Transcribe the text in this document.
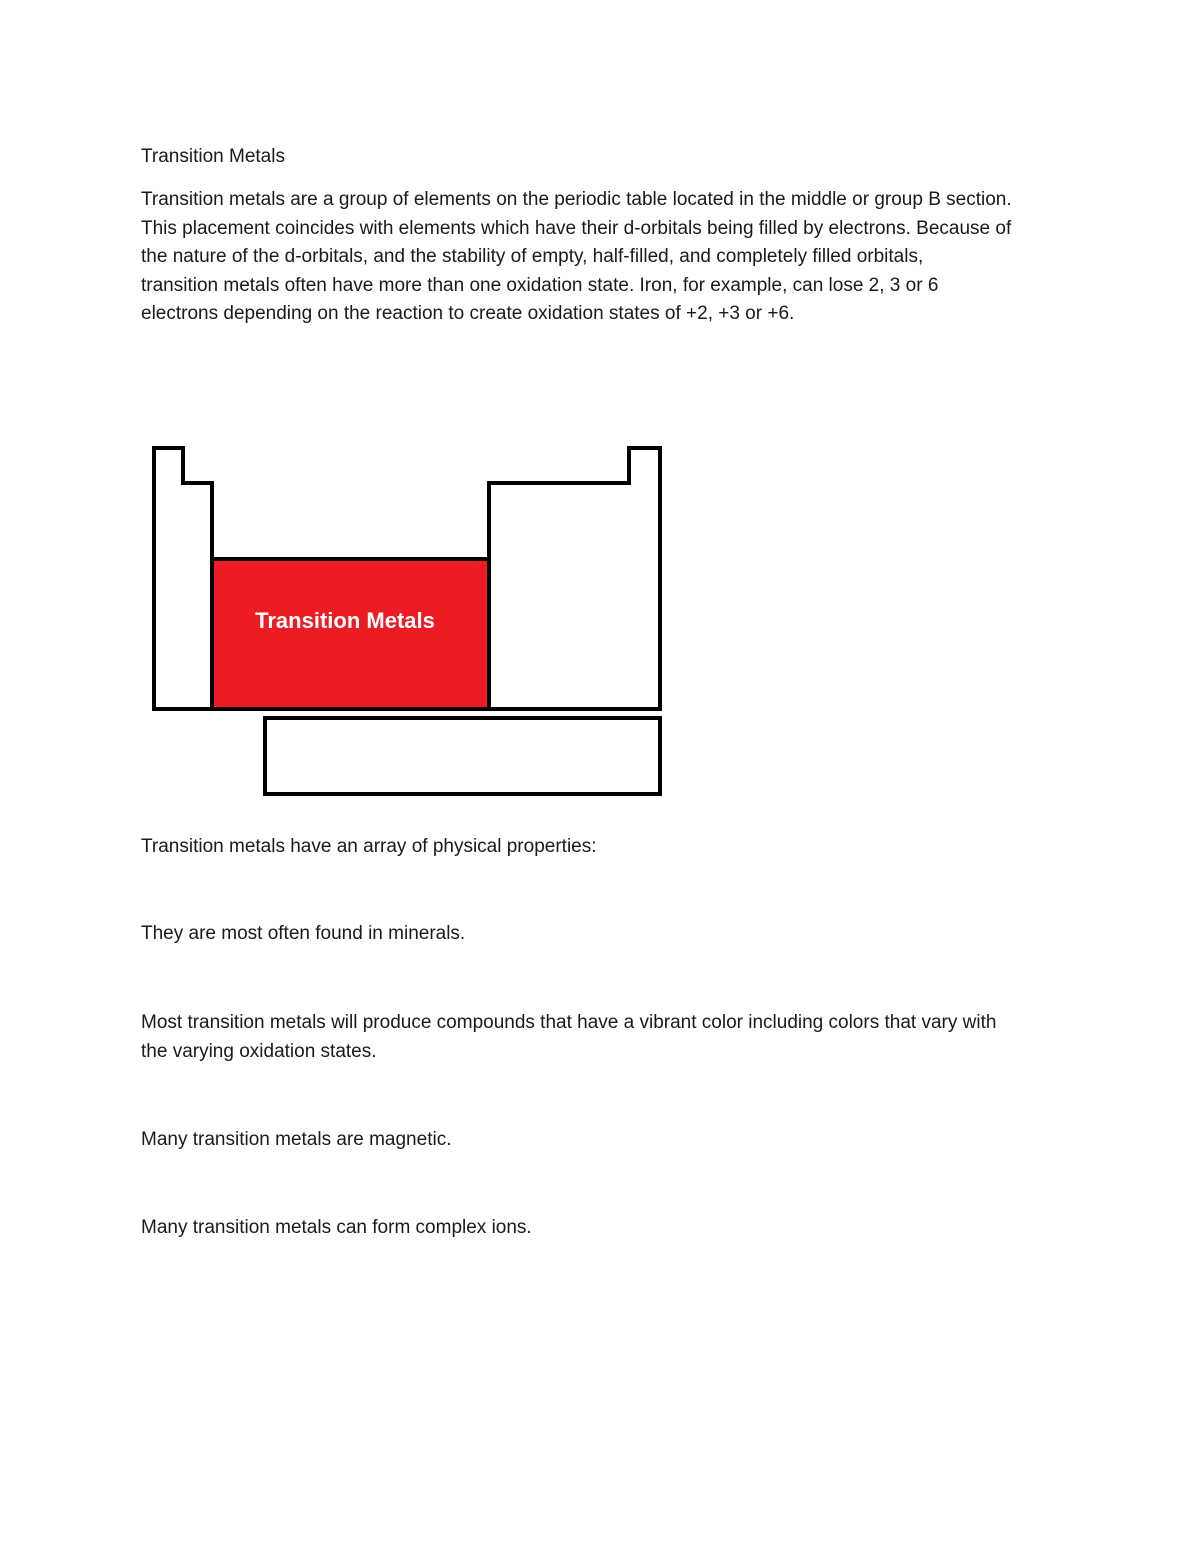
Transition Metals

Transition metals are a group of elements on the periodic table located in the middle or group B section.
This placement coincides with elements which have their d-orbitals being filled by electrons. Because of
the nature of the d-orbitals, and the stability of empty, half-filled, and completely filled orbitals,
transition metals often have more than one oxidation state. Iron, for example, can lose 2, 3 or 6
electrons depending on the reaction to create oxidation states of +2, +3 or +6.

Transition metals have an array of physical properties:

They are most often found in minerals.

Most transition metals will produce compounds that have a vibrant color including colors that vary with
the varying oxidation states.

Many transition metals are magnetic.

Many transition metals can form complex ions.

Transition Metals
